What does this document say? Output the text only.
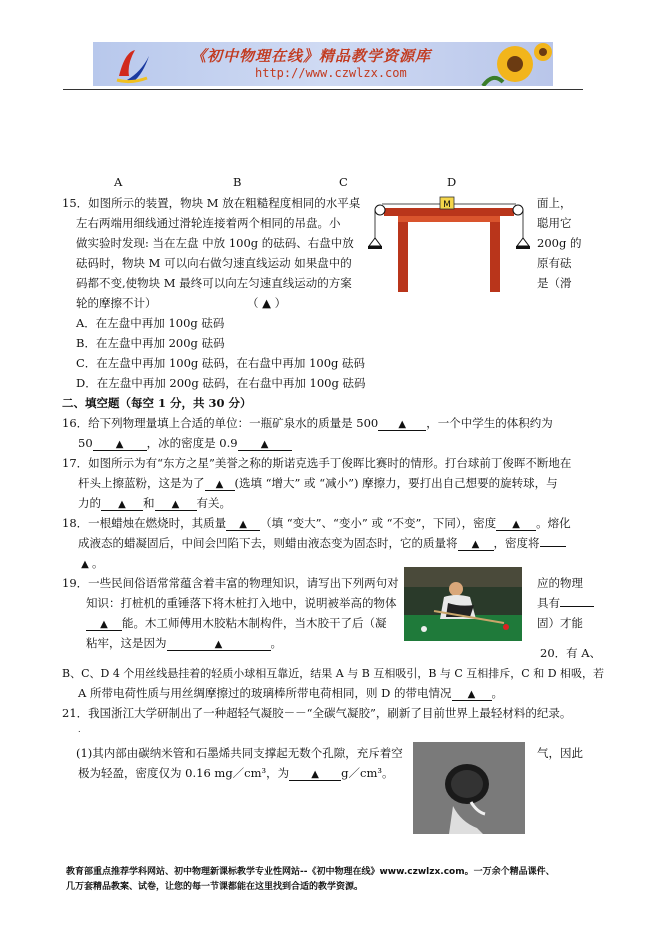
《初中物理在线》精品教学资源库
http://www.czwlzx.com
A	B	C	D
15．如图所示的装置，物块 M 放在粗糙程度相同的水平桌
左右两端用细线通过滑轮连接着两个相同的吊盘。小
做实验时发现: 当在左盘 中放 100g 的砝码、右盘中放
砝码时，物块 M 可以向右做匀速直线运动 如果盘中的
码都不变,使物块 M 最终可以向左匀速直线运动的方案
轮的摩擦不计）	（ ▲ ）
面上，
聪用它
200g 的
原有砝
是（滑
M
A．在左盘中再加 100g 砝码
B．在左盘中再加 200g 砝码
C．在左盘中再加 100g 砝码，在右盘中再加 100g 砝码
D．在左盘中再加 200g 砝码，在右盘中再加 100g 砝码
二、填空题（每空 1 分，共 30 分）
16．给下列物理量填上合适的单位：一瓶矿泉水的质量是 500 ▲ ，一个中学生的体积约为
50 ▲ ，冰的密度是 0.9 ▲
17．如图所示为有“东方之星”美誉之称的斯诺克选手丁俊晖比赛时的情形。打台球前丁俊晖不断地在
杆头上擦蓝粉，这是为了 ▲ (选填 “增大” 或 “减小”) 摩擦力，要打出自己想要的旋转球，与
力的 ▲ 和 ▲ 有关。
18．一根蜡烛在燃烧时，其质量 ▲ （填 “变大”、“变小” 或 “不变”，下同），密度 ▲ 。熔化
成液态的蜡凝固后，中间会凹陷下去，则蜡由液态变为固态时，它的质量将 ▲ ，密度将
▲ 。
19．一些民间俗语常常蕴含着丰富的物理知识，请写出下列两句对	应的物理
知识：打桩机的重锤落下将木桩打入地中，说明被举高的物体	具有
▲ 能。木工师傅用木胶粘木制构件，当木胶干了后（凝	固）才能
粘牢，这是因为	▲	。
20．有 A、
B、C、D 4 个用丝线悬挂着的轻质小球相互靠近，结果 A 与 B 互相吸引，B 与 C 互相排斥，C 和 D 相吸，若
A 所带电荷性质与用丝绸摩擦过的玻璃棒所带电荷相同，则 D 的带电情况 ▲ 。
21．我国浙江大学研制出了一种超轻气凝胶－－“全碳气凝胶”，刷新了目前世界上最轻材料的纪录。
.
(1)其内部由碳纳米管和石墨烯共同支撑起无数个孔隙，充斥着空	气，因此
极为轻盈，密度仅为 0.16 mg／cm³，为 ▲ g／cm³。
教育部重点推荐学科网站、初中物理新课标教学专业性网站--《初中物理在线》www.czwlzx.com。一万余个精品课件、
几万套精品教案、试卷，让您的每一节课都能在这里找到合适的教学资源。
